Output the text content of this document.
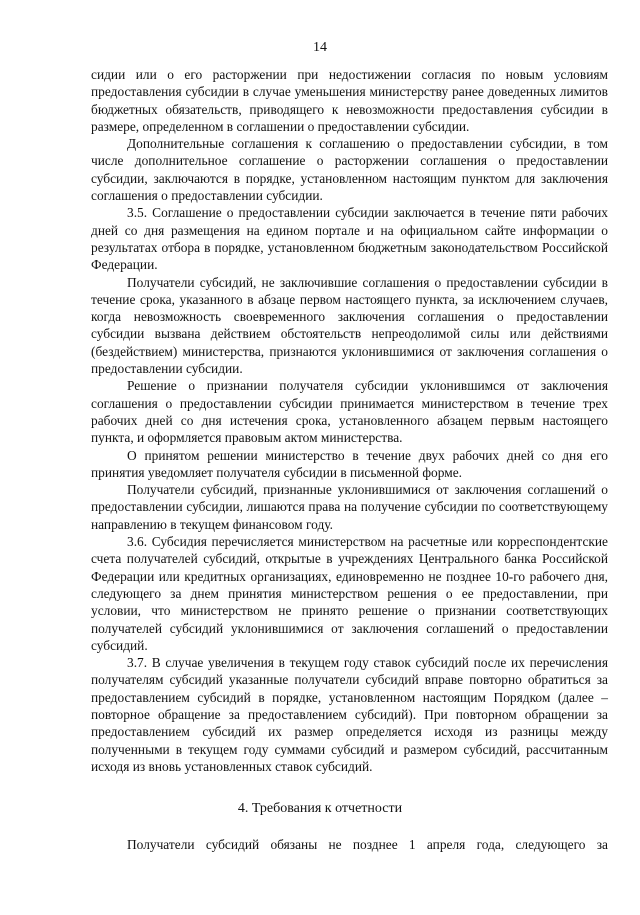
14

сидии или о его расторжении при недостижении согласия по новым условиям предоставления субсидии в случае уменьшения министерству ранее доведенных лимитов бюджетных обязательств, приводящего к невозможности предоставления субсидии в размере, определенном в соглашении о предоставлении субсидии.

Дополнительные соглашения к соглашению о предоставлении субсидии, в том числе дополнительное соглашение о расторжении соглашения о предоставлении субсидии, заключаются в порядке, установленном настоящим пунктом для заключения соглашения о предоставлении субсидии.

3.5. Соглашение о предоставлении субсидии заключается в течение пяти рабочих дней со дня размещения на едином портале и на официальном сайте информации о результатах отбора в порядке, установленном бюджетным законодательством Российской Федерации.

Получатели субсидий, не заключившие соглашения о предоставлении субсидии в течение срока, указанного в абзаце первом настоящего пункта, за исключением случаев, когда невозможность своевременного заключения соглашения о предоставлении субсидии вызвана действием обстоятельств непреодолимой силы или действиями (бездействием) министерства, признаются уклонившимися от заключения соглашения о предоставлении субсидии.

Решение о признании получателя субсидии уклонившимся от заключения соглашения о предоставлении субсидии принимается министерством в течение трех рабочих дней со дня истечения срока, установленного абзацем первым настоящего пункта, и оформляется правовым актом министерства.

О принятом решении министерство в течение двух рабочих дней со дня его принятия уведомляет получателя субсидии в письменной форме.

Получатели субсидий, признанные уклонившимися от заключения соглашений о предоставлении субсидии, лишаются права на получение субсидии по соответствующему направлению в текущем финансовом году.

3.6. Субсидия перечисляется министерством на расчетные или корреспондентские счета получателей субсидий, открытые в учреждениях Центрального банка Российской Федерации или кредитных организациях, единовременно не позднее 10-го рабочего дня, следующего за днем принятия министерством решения о ее предоставлении, при условии, что министерством не принято решение о признании соответствующих получателей субсидий уклонившимися от заключения соглашений о предоставлении субсидий.

3.7. В случае увеличения в текущем году ставок субсидий после их перечисления получателям субсидий указанные получатели субсидий вправе повторно обратиться за предоставлением субсидий в порядке, установленном настоящим Порядком (далее – повторное обращение за предоставлением субсидий). При повторном обращении за предоставлением субсидий их размер определяется исходя из разницы между полученными в текущем году суммами субсидий и размером субсидий, рассчитанным исходя из вновь установленных ставок субсидий.

4. Требования к отчетности

Получатели субсидий обязаны не позднее 1 апреля года, следующего за
